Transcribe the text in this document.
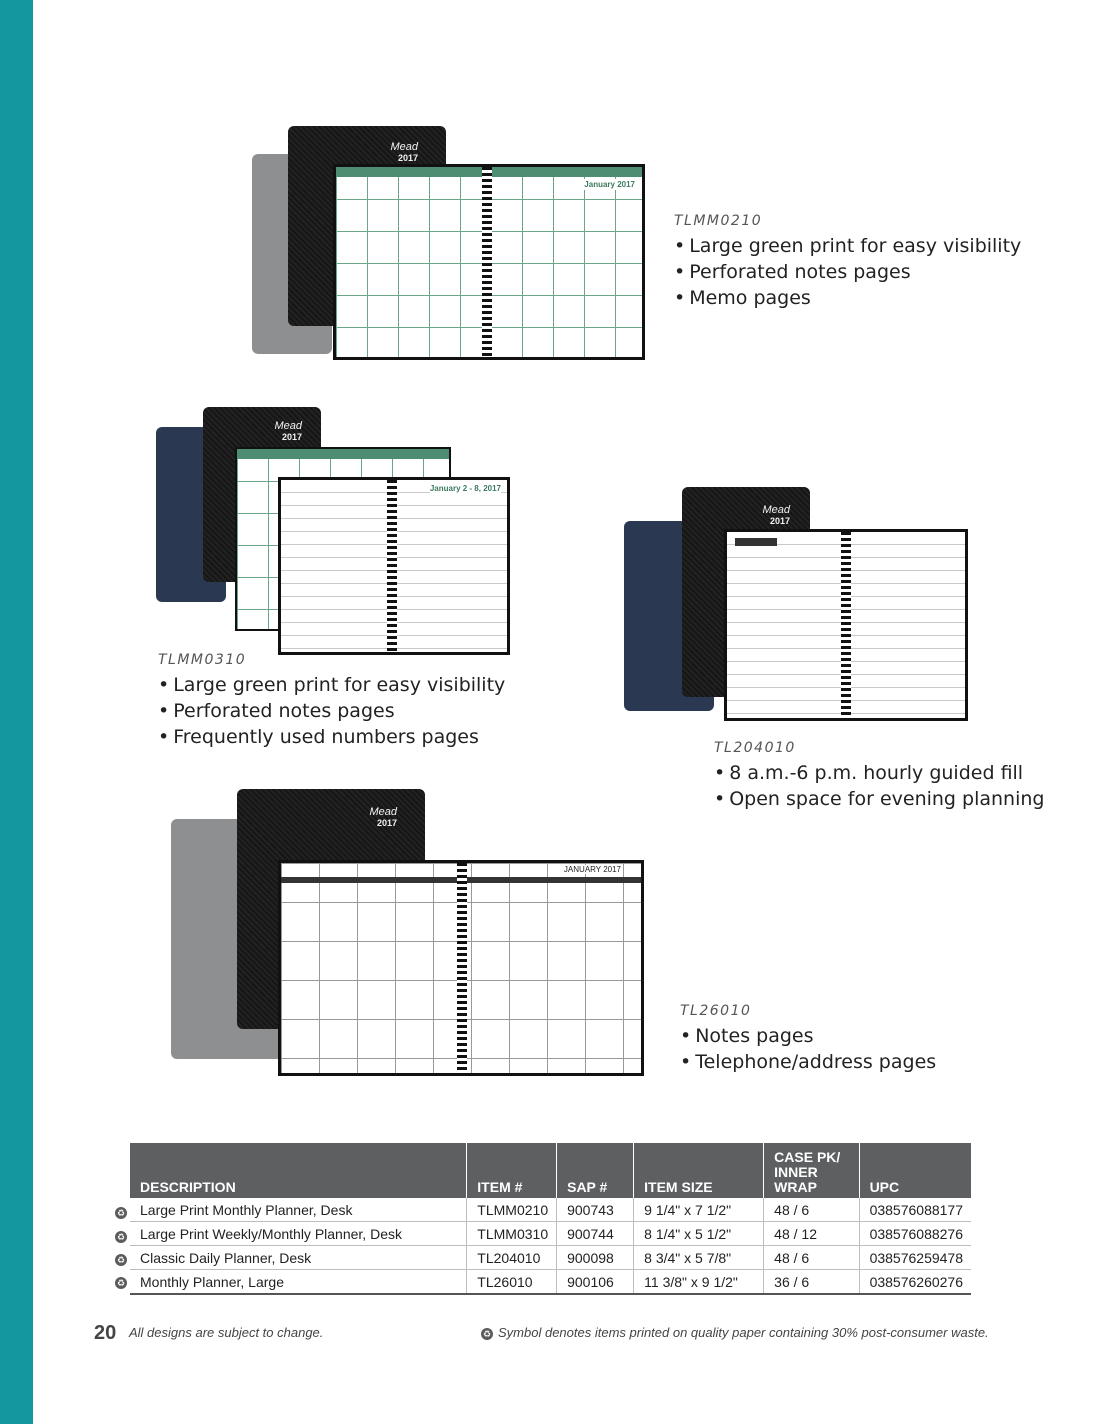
Mead
2017
January 2017
TLMM0210
• Large green print for easy visibility
• Perforated notes pages
• Memo pages
Mead
2017
January 2 - 8, 2017
TLMM0310
• Large green print for easy visibility
• Perforated notes pages
• Frequently used numbers pages
Mead
2017
TL204010
• 8 a.m.-6 p.m. hourly guided fill
• Open space for evening planning
Mead
2017
JANUARY 2017
TL26010
• Notes pages
• Telephone/address pages
♻
♻
♻
♻
DESCRIPTION	ITEM #	SAP #	ITEM SIZE	CASE PK/ INNER WRAP	UPC
Large Print Monthly Planner, Desk	TLMM0210	900743	9 1/4" x 7 1/2"	48 / 6	038576088177
Large Print Weekly/Monthly Planner, Desk	TLMM0310	900744	8 1/4" x 5 1/2"	48 / 12	038576088276
Classic Daily Planner, Desk	TL204010	900098	8 3/4" x 5 7/8"	48 / 6	038576259478
Monthly Planner, Large	TL26010	900106	11 3/8" x 9 1/2"	36 / 6	038576260276
20 All designs are subject to change.	♻ Symbol denotes items printed on quality paper containing 30% post-consumer waste.
